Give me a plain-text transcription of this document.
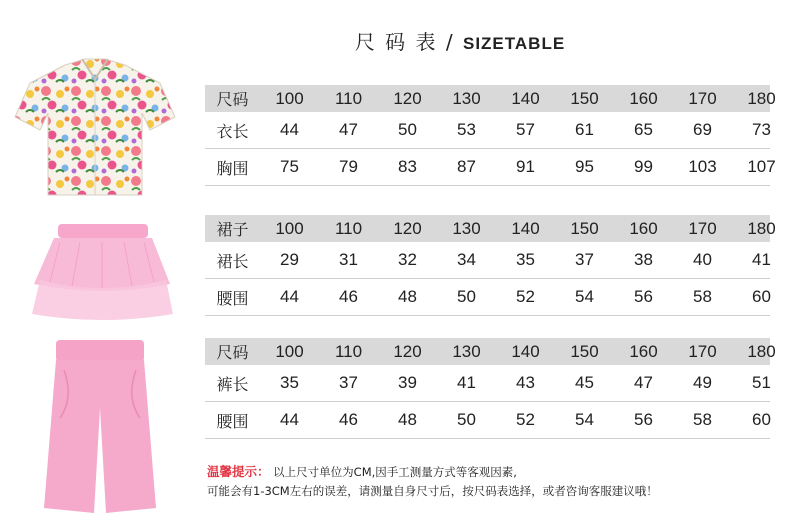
尺 码 表 / SIZETABLE
尺码	100	110	120	130	140	150	160	170	180
衣长	44	47	50	53	57	61	65	69	73
胸围	75	79	83	87	91	95	99	103	107
裙子	100	110	120	130	140	150	160	170	180
裙长	29	31	32	34	35	37	38	40	41
腰围	44	46	48	50	52	54	56	58	60
尺码	100	110	120	130	140	150	160	170	180
裤长	35	37	39	41	43	45	47	49	51
腰围	44	46	48	50	52	54	56	58	60
温馨提示： 以上尺寸单位为CM,因手工测量方式等客观因素,
可能会有1-3CM左右的误差，请测量自身尺寸后，按尺码表选择，或者咨询客服建议哦！
